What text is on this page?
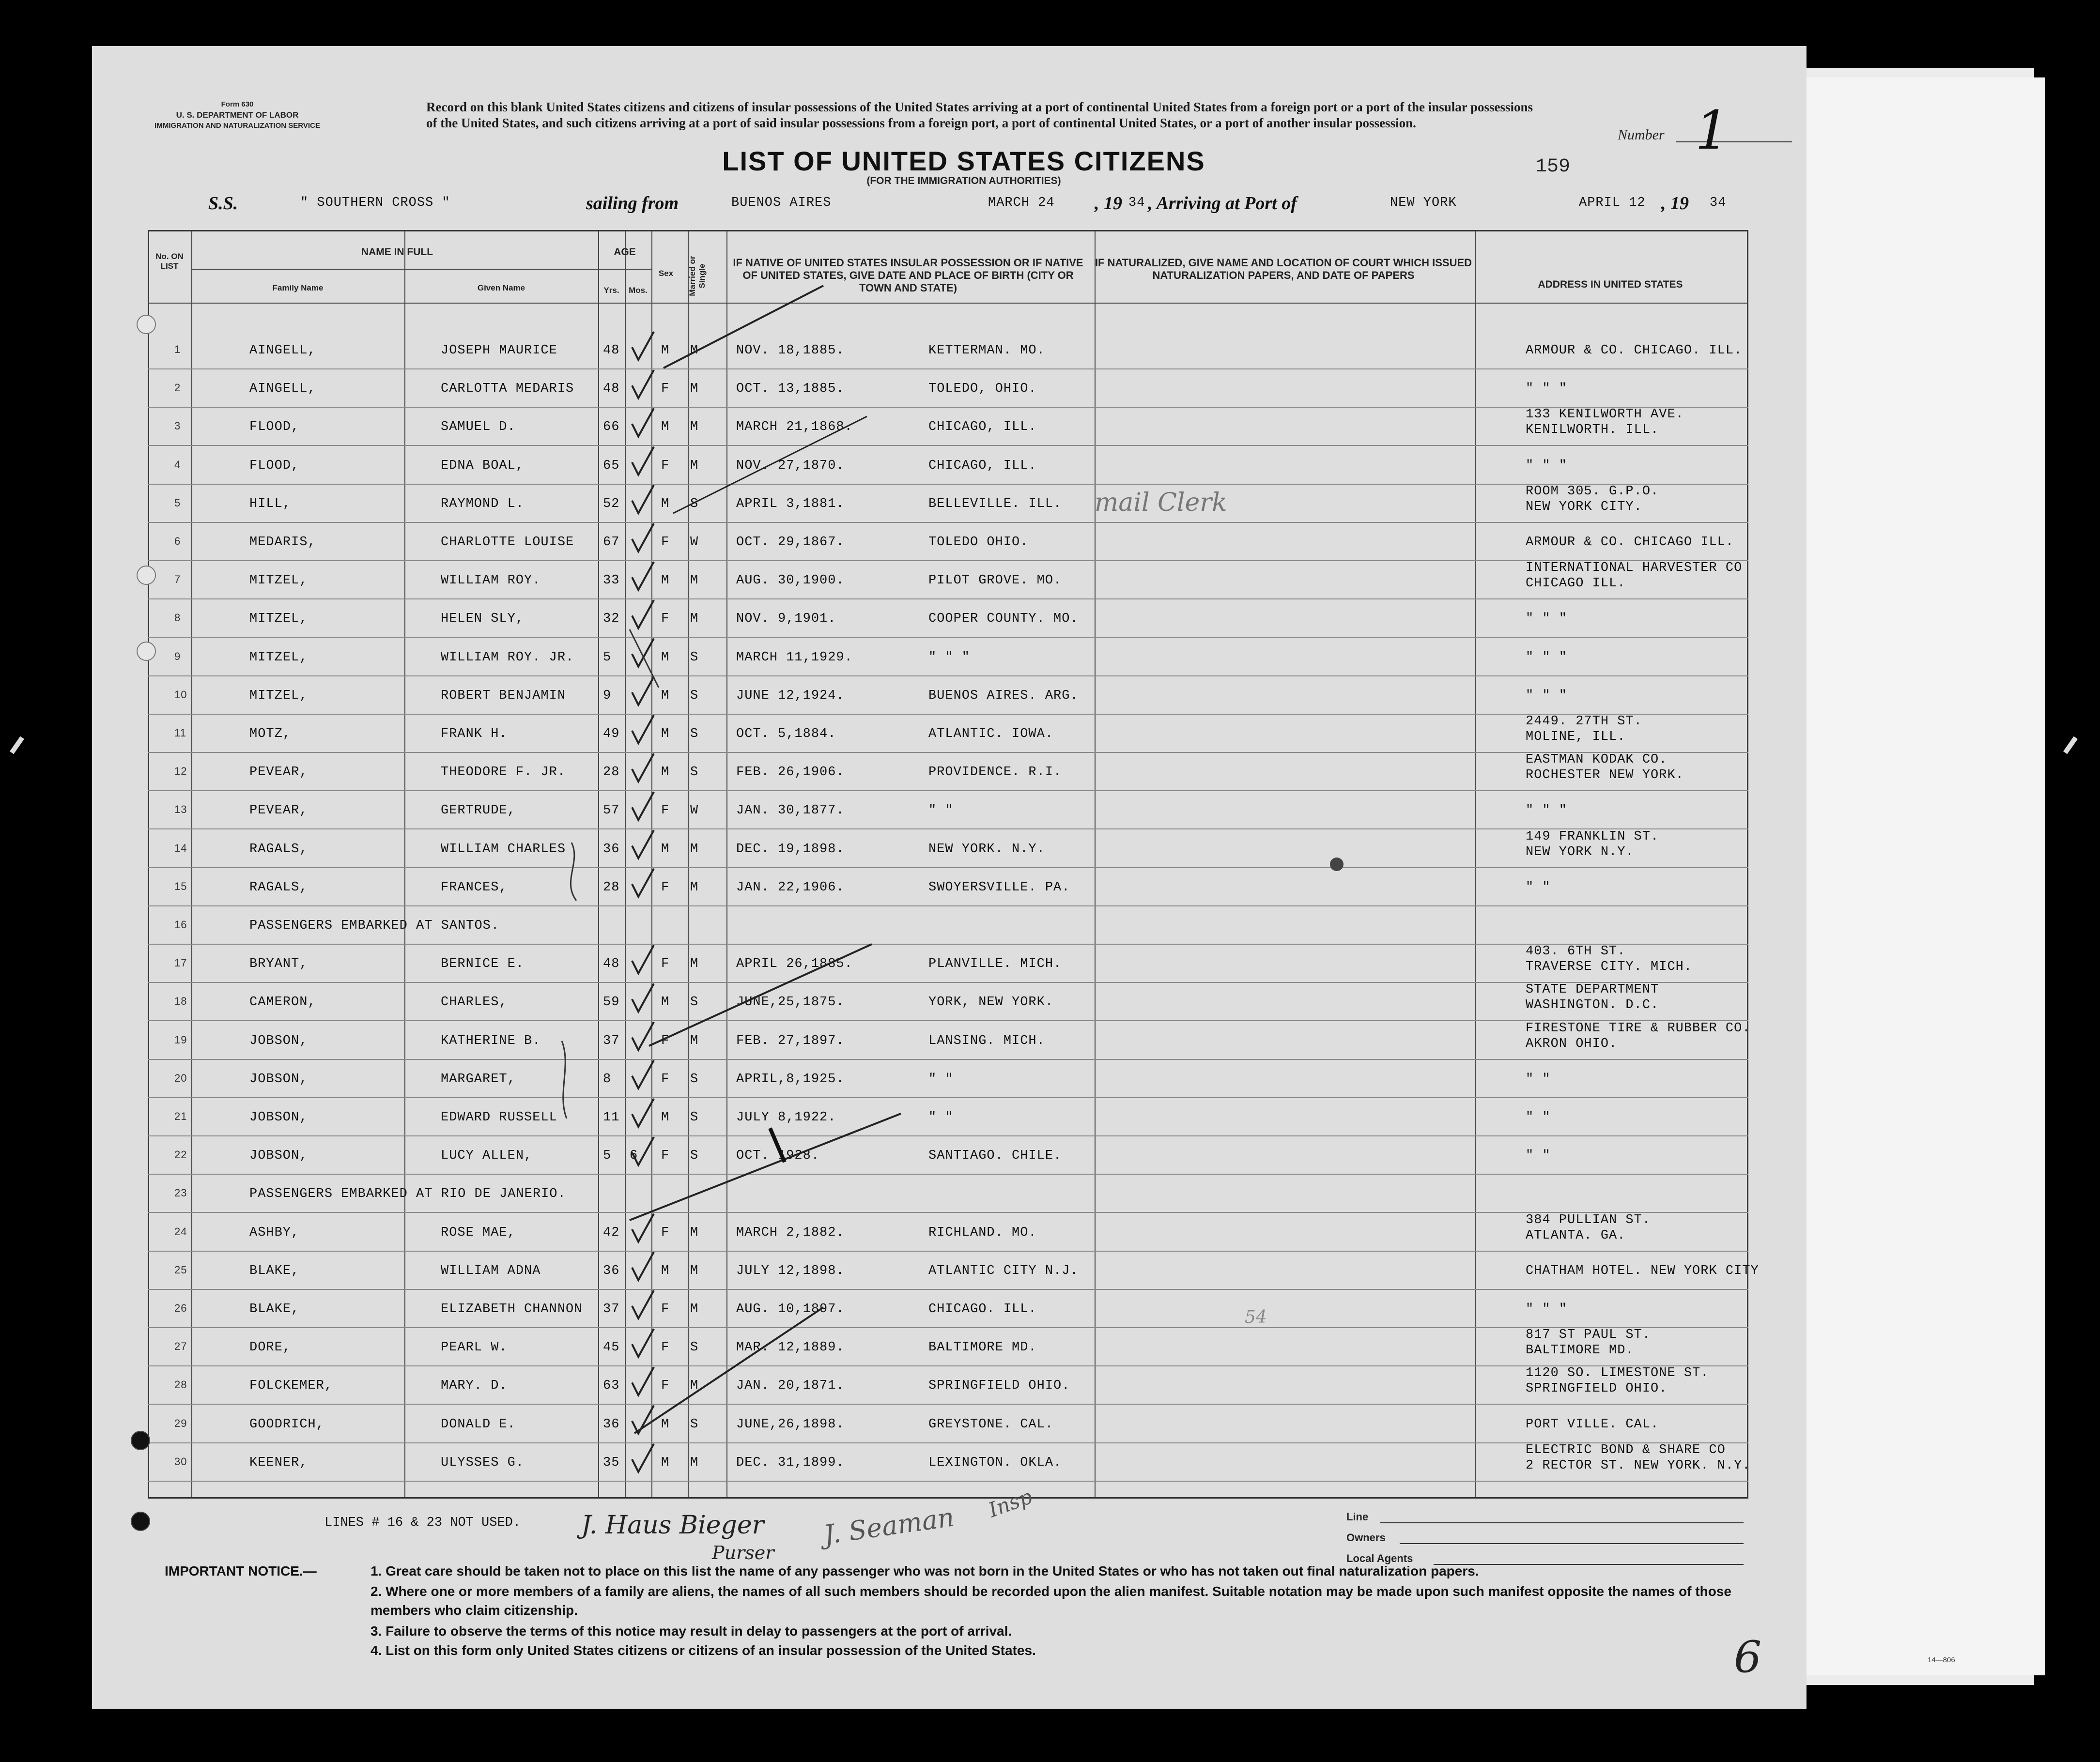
Form 630
U. S. DEPARTMENT OF LABOR
IMMIGRATION AND NATURALIZATION SERVICE
Record on this blank United States citizens and citizens of insular possessions of the United States arriving at a port of continental United States from a foreign port or a port of the insular possessions of the United States, and such citizens arriving at a port of said insular possessions from a foreign port, a port of continental United States, or a port of another insular possession.
Number 1
LIST OF UNITED STATES CITIZENS
(FOR THE IMMIGRATION AUTHORITIES)
159
S.S.	" SOUTHERN CROSS "	sailing from	BUENOS AIRES	MARCH 24 , 19 34 , Arriving at Port of	NEW YORK	APRIL 12 , 19 34
No. ON LIST
NAME IN FULL
Family Name	Given Name
AGE
Yrs.	Mos.
Sex	Married or Single
IF NATIVE OF UNITED STATES INSULAR POSSESSION OR IF NATIVE OF UNITED STATES, GIVE DATE AND PLACE OF BIRTH (CITY OR TOWN AND STATE)
IF NATURALIZED, GIVE NAME AND LOCATION OF COURT WHICH ISSUED NATURALIZATION PAPERS, AND DATE OF PAPERS
ADDRESS IN UNITED STATES
1	AINGELL,	JOSEPH MAURICE	48	M M	NOV. 18,1885.	KETTERMAN. MO.	ARMOUR & CO. CHICAGO. ILL.
2	AINGELL,	CARLOTTA MEDARIS 48	F M	OCT. 13,1885.	TOLEDO, OHIO.	" " "
3	FLOOD,	SAMUEL D.	66	M M	MARCH 21,1868.	CHICAGO, ILL.
133 KENILWORTH AVE.
KENILWORTH. ILL.
4	FLOOD,	EDNA BOAL,	65	F M	NOV. 27,1870.	CHICAGO, ILL.	" " "
5	HILL,	RAYMOND L.	52	M S	APRIL 3,1881.	BELLEVILLE. ILL.
ROOM 305. G.P.O.
NEW YORK CITY.
6	MEDARIS,	CHARLOTTE LOUISE 67	F W	OCT. 29,1867.	TOLEDO OHIO.	ARMOUR & CO. CHICAGO ILL.
7	MITZEL,	WILLIAM ROY.	33	M M	AUG. 30,1900.	PILOT GROVE. MO.
INTERNATIONAL HARVESTER CO
CHICAGO ILL.
8	MITZEL,	HELEN SLY,	32	F M	NOV. 9,1901.	COOPER COUNTY. MO.	" " "
9	MITZEL,	WILLIAM ROY. JR. 5	M S	MARCH 11,1929.	" " "	" " "
10	MITZEL,	ROBERT BENJAMIN	9	M S	JUNE 12,1924.	BUENOS AIRES. ARG.	" " "
11	MOTZ,	FRANK H.	49	M S	OCT. 5,1884.	ATLANTIC. IOWA.
2449. 27TH ST.
MOLINE, ILL.
12	PEVEAR,	THEODORE F. JR.	28	M S	FEB. 26,1906.	PROVIDENCE. R.I.
EASTMAN KODAK CO.
ROCHESTER NEW YORK.
13	PEVEAR,	GERTRUDE,	57	F W	JAN. 30,1877.	" "	" " "
14	RAGALS,	WILLIAM CHARLES	36	M M	DEC. 19,1898.	NEW YORK. N.Y.
149 FRANKLIN ST.
NEW YORK N.Y.
15	RAGALS,	FRANCES,	28	F M	JAN. 22,1906.	SWOYERSVILLE. PA.	" "
16	PASSENGERS EMBARKED AT SANTOS.
17	BRYANT,	BERNICE E.	48	F M	APRIL 26,1885.	PLANVILLE. MICH.
403. 6TH ST.
TRAVERSE CITY. MICH.
18	CAMERON,	CHARLES,	59	M S	JUNE,25,1875.	YORK, NEW YORK.
STATE DEPARTMENT
WASHINGTON. D.C.
19	JOBSON,	KATHERINE B.	37	F M	FEB. 27,1897.	LANSING. MICH.
FIRESTONE TIRE & RUBBER CO.
AKRON OHIO.
20	JOBSON,	MARGARET,	8	F S	APRIL,8,1925.	" "	" "
21	JOBSON,	EDWARD RUSSELL	11	M S	JULY 8,1922.	" "	" "
22	JOBSON,	LUCY ALLEN,	5 6 F S	OCT. 1928.	SANTIAGO. CHILE.	" "
23	PASSENGERS EMBARKED AT RIO DE JANERIO.
24	ASHBY,	ROSE MAE,	42	F M	MARCH 2,1882.	RICHLAND. MO.
384 PULLIAN ST.
ATLANTA. GA.
25	BLAKE,	WILLIAM ADNA	36	M M	JULY 12,1898.	ATLANTIC CITY N.J.	CHATHAM HOTEL. NEW YORK CITY
26	BLAKE,	ELIZABETH CHANNON 37	F M	AUG. 10,1897.	CHICAGO. ILL.	" " "
27	DORE,	PEARL W.	45	F S	MAR. 12,1889.	BALTIMORE MD.
817 ST PAUL ST.
BALTIMORE MD.
28	FOLCKEMER,	MARY. D.	63	F M	JAN. 20,1871.	SPRINGFIELD OHIO.
1120 SO. LIMESTONE ST.
SPRINGFIELD OHIO.
29	GOODRICH,	DONALD E.	36	M S	JUNE,26,1898.	GREYSTONE. CAL.	PORT VILLE. CAL.
30	KEENER,	ULYSSES G.	35	M M	DEC. 31,1899.	LEXINGTON. OKLA.
ELECTRIC BOND & SHARE CO
2 RECTOR ST. NEW YORK. N.Y.
mail Clerk
54
LINES # 16 & 23 NOT USED. J. Haus Bieger
Purser
J. Seaman Insp	Line
Owners
Local Agents
IMPORTANT NOTICE.—	1. Great care should be taken not to place on this list the name of any passenger who was not born in the United States or who has not taken out final naturalization papers.
2. Where one or more members of a family are aliens, the names of all such members should be recorded upon the alien manifest. Suitable notation may be made upon such manifest opposite the names of those members who claim citizenship.
3. Failure to observe the terms of this notice may result in delay to passengers at the port of arrival.
4. List on this form only United States citizens or citizens of an insular possession of the United States.
14—806
6
